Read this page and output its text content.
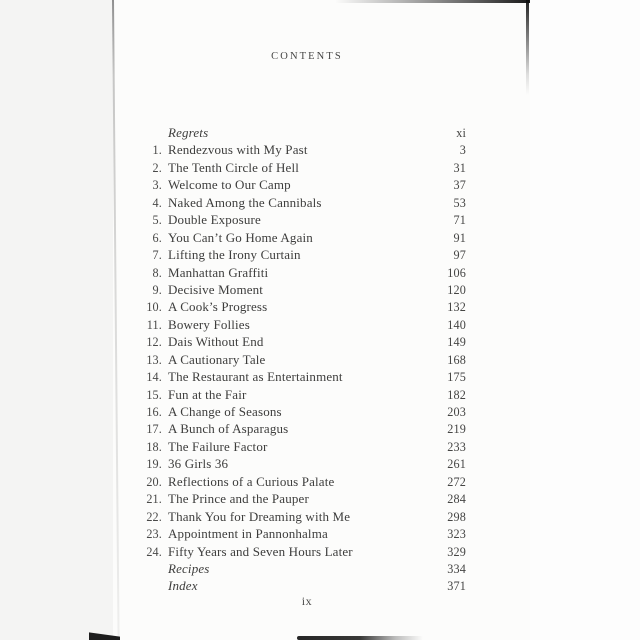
CONTENTS
Regrets	xi
1. Rendezvous with My Past	3
2. The Tenth Circle of Hell	31
3. Welcome to Our Camp	37
4. Naked Among the Cannibals	53
5. Double Exposure	71
6. You Can’t Go Home Again	91
7. Lifting the Irony Curtain	97
8. Manhattan Graffiti	106
9. Decisive Moment	120
10. A Cook’s Progress	132
11. Bowery Follies	140
12. Dais Without End	149
13. A Cautionary Tale	168
14. The Restaurant as Entertainment	175
15. Fun at the Fair	182
16. A Change of Seasons	203
17. A Bunch of Asparagus	219
18. The Failure Factor	233
19. 36 Girls 36	261
20. Reflections of a Curious Palate	272
21. The Prince and the Pauper	284
22. Thank You for Dreaming with Me	298
23. Appointment in Pannonhalma	323
24. Fifty Years and Seven Hours Later	329
Recipes	334
Index	371
ix
